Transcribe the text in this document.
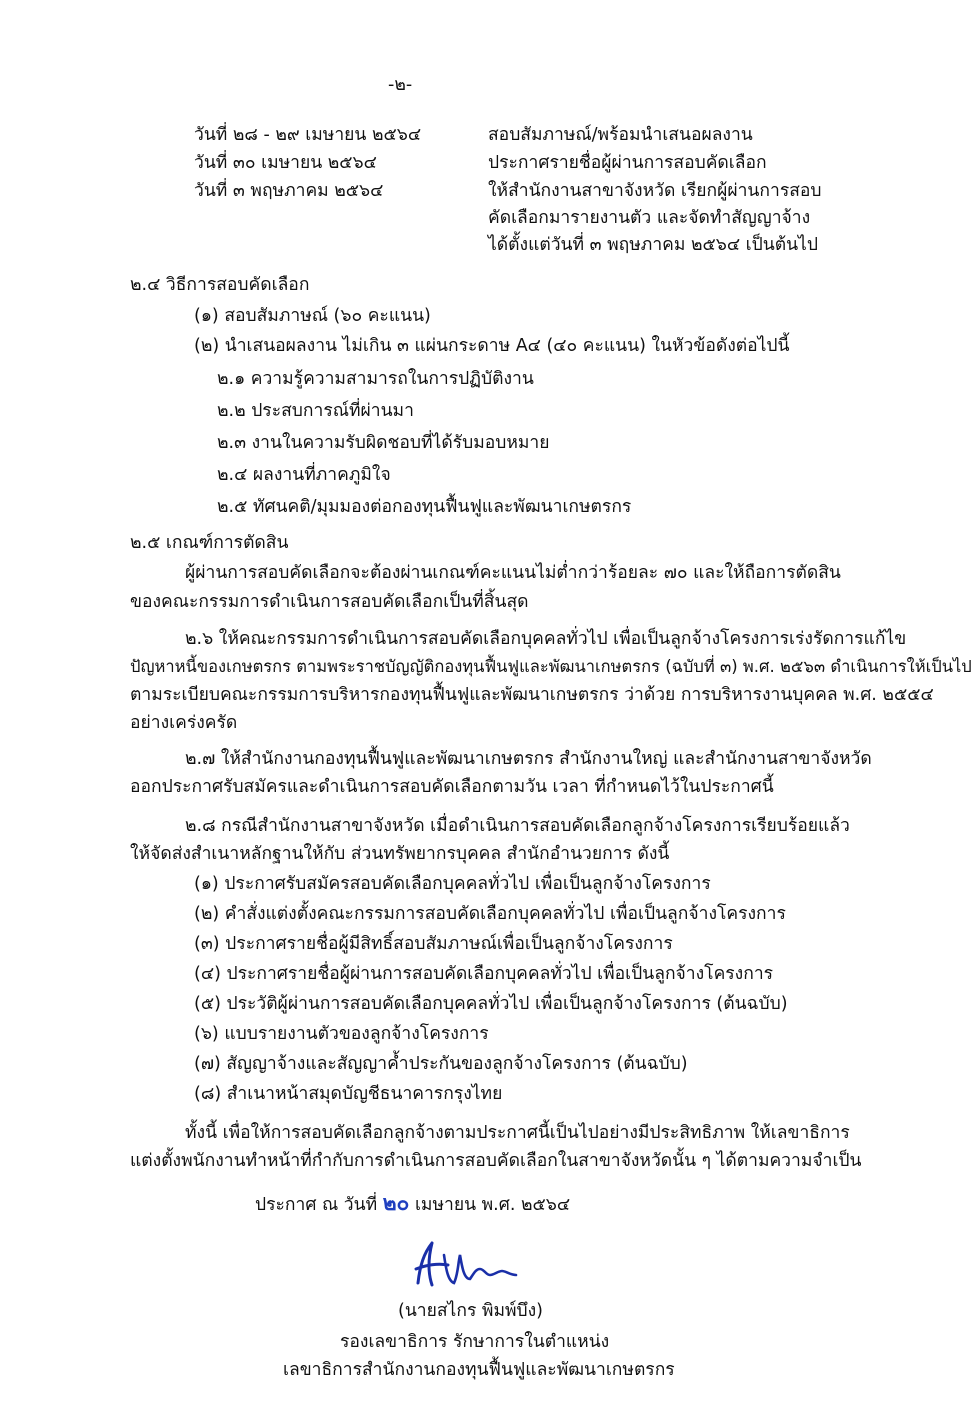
-๒-
วันที่ ๒๘ - ๒๙ เมษายน ๒๕๖๔	สอบสัมภาษณ์/พร้อมนำเสนอผลงาน
วันที่ ๓๐ เมษายน ๒๕๖๔	ประกาศรายชื่อผู้ผ่านการสอบคัดเลือก
วันที่ ๓ พฤษภาคม ๒๕๖๔	ให้สำนักงานสาขาจังหวัด เรียกผู้ผ่านการสอบ
คัดเลือกมารายงานตัว และจัดทำสัญญาจ้าง
ได้ตั้งแต่วันที่ ๓ พฤษภาคม ๒๕๖๔ เป็นต้นไป
๒.๔ วิธีการสอบคัดเลือก
(๑) สอบสัมภาษณ์ (๖๐ คะแนน)
(๒) นำเสนอผลงาน ไม่เกิน ๓ แผ่นกระดาษ A๔ (๔๐ คะแนน) ในหัวข้อดังต่อไปนี้
๒.๑ ความรู้ความสามารถในการปฏิบัติงาน
๒.๒ ประสบการณ์ที่ผ่านมา
๒.๓ งานในความรับผิดชอบที่ได้รับมอบหมาย
๒.๔ ผลงานที่ภาคภูมิใจ
๒.๕ ทัศนคติ/มุมมองต่อกองทุนฟื้นฟูและพัฒนาเกษตรกร
๒.๕ เกณฑ์การตัดสิน
ผู้ผ่านการสอบคัดเลือกจะต้องผ่านเกณฑ์คะแนนไม่ต่ำกว่าร้อยละ ๗๐ และให้ถือการตัดสิน
ของคณะกรรมการดำเนินการสอบคัดเลือกเป็นที่สิ้นสุด
๒.๖ ให้คณะกรรมการดำเนินการสอบคัดเลือกบุคคลทั่วไป เพื่อเป็นลูกจ้างโครงการเร่งรัดการแก้ไข
ปัญหาหนี้ของเกษตรกร ตามพระราชบัญญัติกองทุนฟื้นฟูและพัฒนาเกษตรกร (ฉบับที่ ๓) พ.ศ. ๒๕๖๓ ดำเนินการให้เป็นไป
ตามระเบียบคณะกรรมการบริหารกองทุนฟื้นฟูและพัฒนาเกษตรกร ว่าด้วย การบริหารงานบุคคล พ.ศ. ๒๕๕๔
อย่างเคร่งครัด
๒.๗ ให้สำนักงานกองทุนฟื้นฟูและพัฒนาเกษตรกร สำนักงานใหญ่ และสำนักงานสาขาจังหวัด
ออกประกาศรับสมัครและดำเนินการสอบคัดเลือกตามวัน เวลา ที่กำหนดไว้ในประกาศนี้
๒.๘ กรณีสำนักงานสาขาจังหวัด เมื่อดำเนินการสอบคัดเลือกลูกจ้างโครงการเรียบร้อยแล้ว
ให้จัดส่งสำเนาหลักฐานให้กับ ส่วนทรัพยากรบุคคล สำนักอำนวยการ ดังนี้
(๑) ประกาศรับสมัครสอบคัดเลือกบุคคลทั่วไป เพื่อเป็นลูกจ้างโครงการ
(๒) คำสั่งแต่งตั้งคณะกรรมการสอบคัดเลือกบุคคลทั่วไป เพื่อเป็นลูกจ้างโครงการ
(๓) ประกาศรายชื่อผู้มีสิทธิ์สอบสัมภาษณ์เพื่อเป็นลูกจ้างโครงการ
(๔) ประกาศรายชื่อผู้ผ่านการสอบคัดเลือกบุคคลทั่วไป เพื่อเป็นลูกจ้างโครงการ
(๕) ประวัติผู้ผ่านการสอบคัดเลือกบุคคลทั่วไป เพื่อเป็นลูกจ้างโครงการ (ต้นฉบับ)
(๖) แบบรายงานตัวของลูกจ้างโครงการ
(๗) สัญญาจ้างและสัญญาค้ำประกันของลูกจ้างโครงการ (ต้นฉบับ)
(๘) สำเนาหน้าสมุดบัญชีธนาคารกรุงไทย
ทั้งนี้ เพื่อให้การสอบคัดเลือกลูกจ้างตามประกาศนี้เป็นไปอย่างมีประสิทธิภาพ ให้เลขาธิการ
แต่งตั้งพนักงานทำหน้าที่กำกับการดำเนินการสอบคัดเลือกในสาขาจังหวัดนั้น ๆ ได้ตามความจำเป็น
ประกาศ ณ วันที่ ๒๐ เมษายน พ.ศ. ๒๕๖๔
(นายสไกร พิมพ์บึง)
รองเลขาธิการ รักษาการในตำแหน่ง
เลขาธิการสำนักงานกองทุนฟื้นฟูและพัฒนาเกษตรกร
